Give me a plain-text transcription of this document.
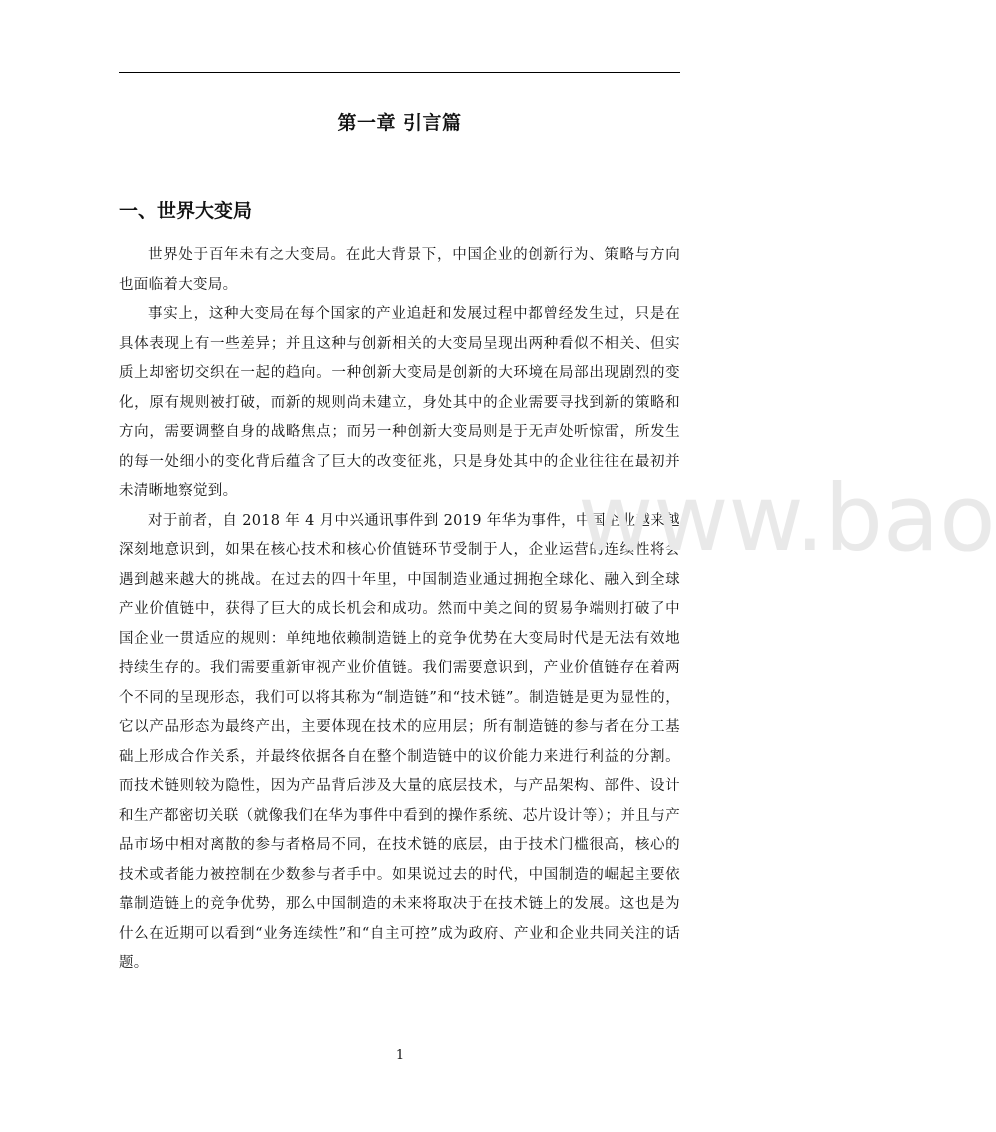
第一章 引言篇
一、世界大变局

世界处于百年未有之大变局。在此大背景下，中国企业的创新行为、策略与方向也面临着大变局。

事实上，这种大变局在每个国家的产业追赶和发展过程中都曾经发生过，只是在具体表现上有一些差异；并且这种与创新相关的大变局呈现出两种看似不相关、但实质上却密切交织在一起的趋向。一种创新大变局是创新的大环境在局部出现剧烈的变化，原有规则被打破，而新的规则尚未建立，身处其中的企业需要寻找到新的策略和方向，需要调整自身的战略焦点；而另一种创新大变局则是于无声处听惊雷，所发生的每一处细小的变化背后蕴含了巨大的改变征兆，只是身处其中的企业往往在最初并未清晰地察觉到。

对于前者，自 2018 年 4 月中兴通讯事件到 2019 年华为事件，中国企业越来越深刻地意识到，如果在核心技术和核心价值链环节受制于人，企业运营的连续性将会遇到越来越大的挑战。在过去的四十年里，中国制造业通过拥抱全球化、融入到全球产业价值链中，获得了巨大的成长机会和成功。然而中美之间的贸易争端则打破了中国企业一贯适应的规则：单纯地依赖制造链上的竞争优势在大变局时代是无法有效地持续生存的。我们需要重新审视产业价值链。我们需要意识到，产业价值链存在着两个不同的呈现形态，我们可以将其称为“制造链”和“技术链”。制造链是更为显性的，它以产品形态为最终产出，主要体现在技术的应用层；所有制造链的参与者在分工基础上形成合作关系，并最终依据各自在整个制造链中的议价能力来进行利益的分割。而技术链则较为隐性，因为产品背后涉及大量的底层技术，与产品架构、部件、设计和生产都密切关联（就像我们在华为事件中看到的操作系统、芯片设计等）；并且与产品市场中相对离散的参与者格局不同，在技术链的底层，由于技术门槛很高，核心的技术或者能力被控制在少数参与者手中。如果说过去的时代，中国制造的崛起主要依靠制造链上的竞争优势，那么中国制造的未来将取决于在技术链上的发展。这也是为什么在近期可以看到“业务连续性”和“自主可控”成为政府、产业和企业共同关注的话题。

www.bao
1
